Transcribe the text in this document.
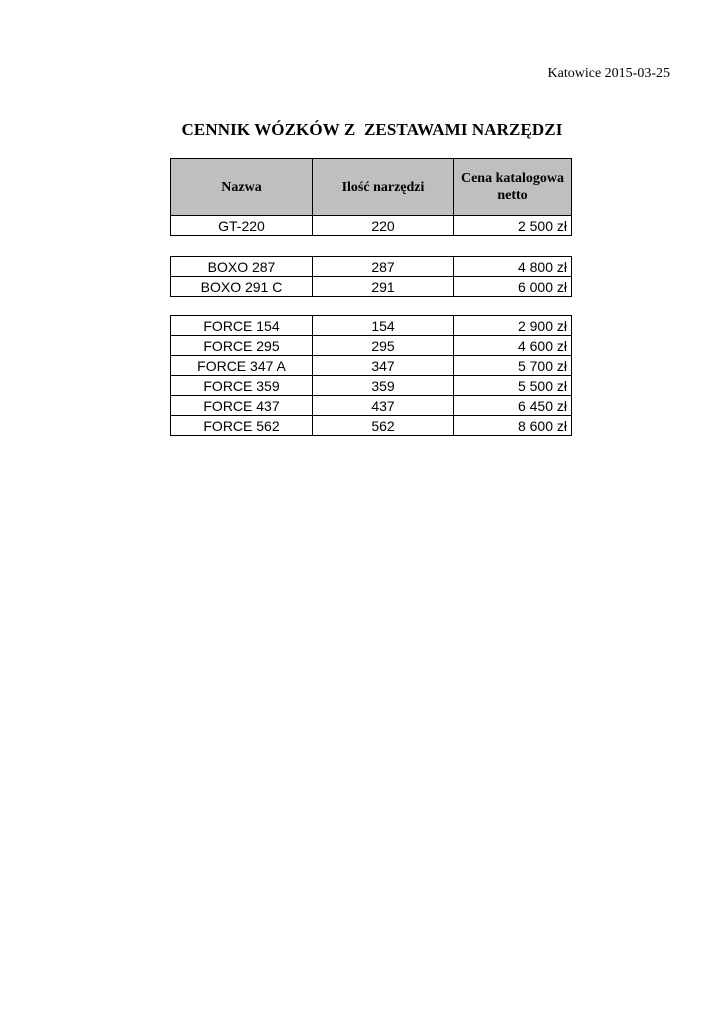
Katowice 2015-03-25
CENNIK WÓZKÓW Z  ZESTAWAMI NARZĘDZI
Nazwa	Ilość narzędzi	Cena katalogowa netto
GT-220	220	2 500 zł
BOXO 287	287	4 800 zł
BOXO 291 C	291	6 000 zł
FORCE 154	154	2 900 zł
FORCE 295	295	4 600 zł
FORCE 347 A	347	5 700 zł
FORCE 359	359	5 500 zł
FORCE 437	437	6 450 zł
FORCE 562	562	8 600 zł
